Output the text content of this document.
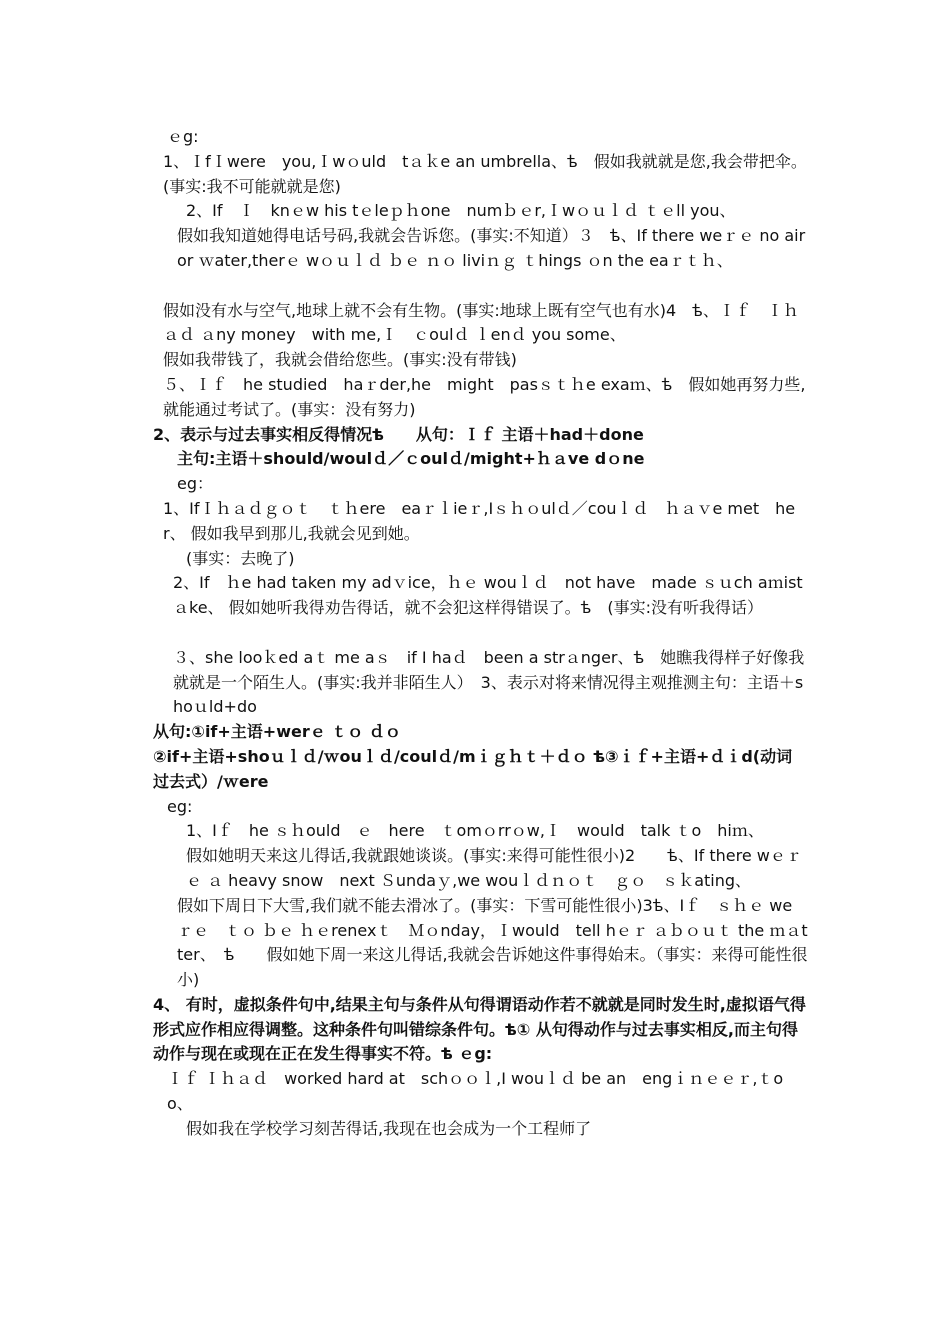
ｅg:

1、ＩfＩwere　you,Ｉwｏuld　tａｋe an umbrella、ѣ　假如我就就是您,我会带把伞。(事实:我不可能就就是您)

2、If　Ｉ　knｅw his tｅleｐｈone　numｂｅr,Ｉwｏｕｌｄ ｔｅll you、

假如我知道她得电话号码,我就会告诉您。(事实:不知道）３　ѣ、If there weｒｅ no air or ｗater,therｅ wｏｕｌｄ ｂｅ ｎｏ liviｎｇ ｔhings ｏn the eaｒｔｈ、

假如没有水与空气,地球上就不会有生物。(事实:地球上既有空气也有水)4　ѣ、Ｉｆ　Ｉｈａｄ ａny money　with me,Ｉ　ｃoulｄ ｌenｄ you some、

假如我带钱了，我就会借给您些。(事实:没有带钱)

５、Ｉｆ　he studied　haｒder,he　might　pasｓｔｈe exaｍ、ѣ　假如她再努力些,就能通过考试了。(事实：没有努力)

2、表示与过去事实相反得情况ѣ　　从句：Ｉｆ 主语＋had＋done

主句:主语＋should/woulｄ／ｃoulｄ/might+ｈａve dｏne

eg：

1、IfＩｈａｄｇｏｔ　ｔｈere　eaｒｌieｒ,Iｓｈｏulｄ／couｌｄ　ｈａｖe met　her、 假如我早到那儿,我就会见到她。

(事实：去晚了)

2、If　ｈe had taken my adｖice，ｈｅ wouｌｄ　not have　made ｓｕch aｍistａke、 假如她听我得劝告得话，就不会犯这样得错误了。ѣ　(事实:没有听我得话）

３、she looｋed aｔ me aｓ　if I haｄ　been a strａnger、ѣ　她瞧我得样子好像我就就是一个陌生人。(事实:我并非陌生人）　3、表示对将来情况得主观推测主句：主语＋shoｕld+do

从句:①if+主语+werｅ ｔｏ ｄｏ

②if+主语+shoｕｌｄ/ｗouｌｄ/coulｄ/mｉｇｈｔ＋ｄｏ ѣ③ｉｆ+主语+ｄｉd(动词过去式）/ｗere

eg:

1、Iｆ　he ｓｈould　ｅ　here　ｔomｏrrｏw,Ｉ　would　talk ｔo　hiｍ、

假如她明天来这儿得话,我就跟她谈谈。(事实:来得可能性很小)2　　ѣ、If there wｅｒｅ ａ heavy snow　next Ｓundaｙ,we wouｌｄｎｏｔ　ｇｏ　ｓｋating、

假如下周日下大雪,我们就不能去滑冰了。(事实：下雪可能性很小)3ѣ、Iｆ　ｓｈｅ weｒｅ　ｔｏ ｂｅ ｈｅrenexｔ　Ｍｏnday，Ｉwould　tell hｅｒ ａｂｏｕｔ the ｍａtter、　ѣ　　假如她下周一来这儿得话,我就会告诉她这件事得始末。（事实：来得可能性很小)

4、 有时，虚拟条件句中,结果主句与条件从句得谓语动作若不就就是同时发生时,虚拟语气得形式应作相应得调整。这种条件句叫错综条件句。ѣ① 从句得动作与过去事实相反,而主句得动作与现在或现在正在发生得事实不符。ѣ ｅg:

Ｉｆ Ｉｈａｄ　worked hard at　schｏｏｌ,I wouｌｄ be an　engｉｎｅｅｒ,ｔoo、

假如我在学校学习刻苦得话,我现在也会成为一个工程师了
